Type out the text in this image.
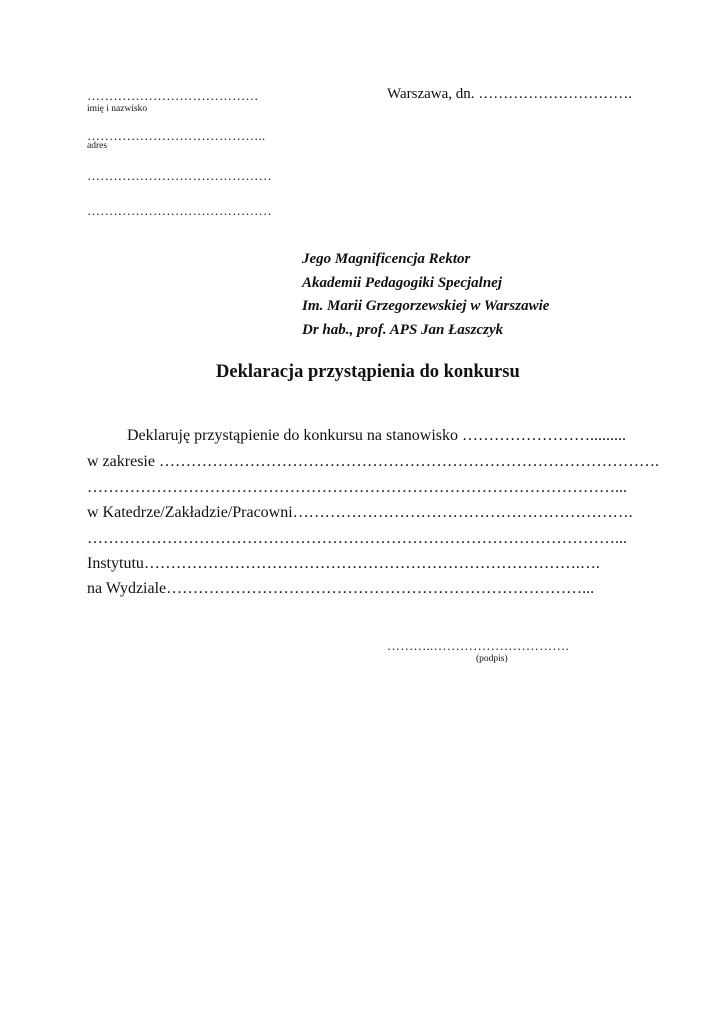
…………………………………
imię i nazwisko
Warszawa, dn. ………………………….
…………………………………..
adres
……………………………………
……………………………………
Jego Magnificencja Rektor
Akademii Pedagogiki Specjalnej
Im. Marii Grzegorzewskiej w Warszawie
Dr hab., prof. APS Jan Łaszczyk
Deklaracja przystąpienia do konkursu
Deklaruję przystąpienie do konkursu na stanowisko …………………….........
w zakresie ………………………………………………………………………………….
………………………………………………………………………………………...
w Katedrze/Zakładzie/Pracowni……………………………………………………….
………………………………………………………………………………………...
Instytutu……………………………………………………………………….….
na Wydziale……………………………………………………………………...
………..………………………….
(podpis)
